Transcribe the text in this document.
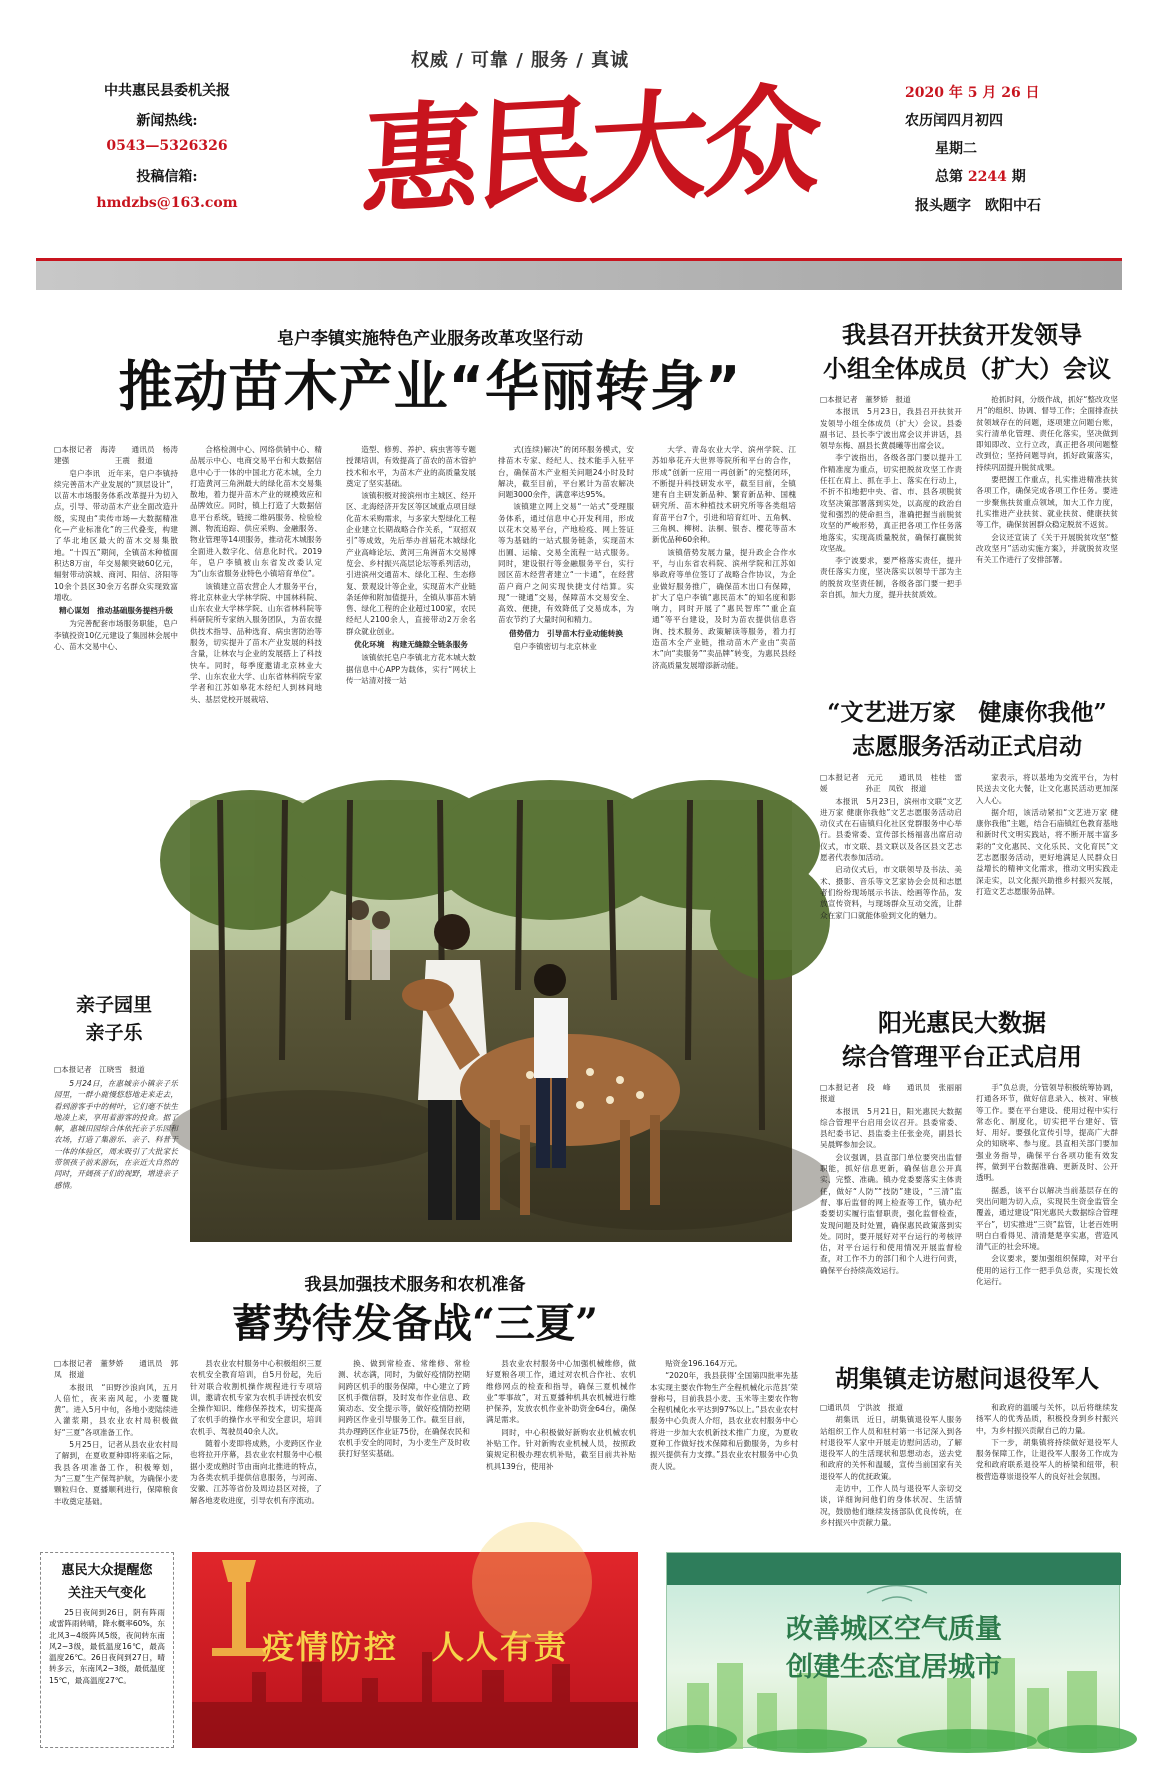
权威 / 可靠 / 服务 / 真诚
中共惠民县委机关报
新闻热线:
0543—5326326
投稿信箱:
hmdzbs@163.com 惠民大众	2020 年 5 月 26 日
农历闰四月初四
星期二
总第 2244 期
报头题字　欧阳中石
皂户李镇实施特色产业服务改革攻坚行动
推动苗木产业“华丽转身”

□本报记者　海涛　　通讯员　杨涛　建强　　　　　　王震　报道

皂户李讯　近年来，皂户李镇持续完善苗木产业发展的“顶层设计”，以苗木市场服务体系改革提升为切入点，引导、带动苗木产业全面改造升级，实现由“卖传市场—大数据精准化—产业标准化”的三代叠变，构建了华北地区最大的苗木交易集散地。“十四五”期间，全镇苗木种植面积达8万亩，年交易额突破60亿元，辐射带动滨城、商河、阳信、济阳等10余个县区30余万名群众实现致富增收。

精心谋划　推动基础服务提档升级

为完善配套市场服务职能，皂户李镇投资10亿元建设了集园林会展中心、苗木交易中心、

合格检测中心、网络供销中心、精品展示中心、电商交易平台和大数据信息中心于一体的中国北方花木城，全力打造黄河三角洲最大的绿化苗木交易集散地，着力提升苗木产业的规模效应和品牌效应。同时，镇上打造了大数据信息平台系统，链接二维码服务、检验检测、物流追踪、供应采购、金融服务、物业管理等14项服务，推动花木城服务全面进入数字化、信息化时代。2019年，皂户李镇被山东省发改委认定为“山东省服务业特色小镇培育单位”。

该镇建立苗农营企人才服务平台，将北京林业大学林学院、中国林科院、山东农业大学林学院、山东省林科院等科研院所专家纳入服务团队，为苗农提供技术指导、品种选育、病虫害防治等服务，切实提升了苗木产业发展的科技含量，让林农与企业的发展搭上了科技快车。同时，每季度邀请北京林业大学、山东农业大学、山东省林科院专家学者和江苏如皋花木经纪人到林间地头、基层党校开展栽培、

造型、修剪、养护、病虫害等专题授课培训，有效提高了苗农的苗木管护技术和水平，为苗木产业的高质量发展奠定了坚实基础。

该镇积极对接滨州市主城区、经开区、北海经济开发区等区域重点项目绿化苗木采购需求，与多家大型绿化工程企业建立长期战略合作关系，“双招双引”等成效，先后举办首届花木城绿化产业高峰论坛、黄河三角洲苗木交易博览会、乡村振兴高层论坛等系列活动，引进滨州交通苗木、绿化工程、生态修复、景观设计等企业，实现苗木产业链条延伸和附加值提升，全镇从事苗木销售、绿化工程的企业超过100家，农民经纪人2100余人，直接带动2万余名群众就业创业。

优化环境　构建无缝隙全链条服务

该镇依托皂户李镇北方花木城大数据信息中心APP为载体，实行“网状上传一站清对接一站

式(连续)解决”的闭环服务模式，安排苗木专家、经纪人、技术能手入驻平台，确保苗木产业相关问题24小时及时解决，截至目前，平台累计为苗农解决问题3000余件，满意率达95%。

该镇建立网上交易“一站式”受理服务体系，通过信息中心开发利用，形成以花木交易平台，产地检疫、网上签证等为基础的一站式服务链条，实现苗木出圃、运输、交易全流程一站式服务。同时，建设银行等金融服务平台，实行园区苗木经营者建立“一卡通”，在经营苗户商户之间实现快捷支付结算。实现“一键通”交易，保障苗木交易安全、高效、便捷，有效降低了交易成本，为苗农节约了大量时间和精力。

借势借力　引导苗木行业动能转换

皂户李镇密切与北京林业

大学、青岛农业大学、滨州学院、江苏如皋花卉大世界等院所和平台的合作，形成“创新一应用一再创新”的完整闭环，不断提升科技研发水平，截至目前，全镇建有自主研发新品种、繁育新品种、国槐研究所、苗木种植技术研究所等各类组培育苗平台7个，引进和培育红叶、五角枫、三角枫、柳树、法桐、银杏、樱花等苗木新优品种60余种。

该镇借势发展力量，提升政企合作水平，与山东省农科院、滨州学院和江苏如皋政府等单位签订了战略合作协议，为企业做好服务推广，确保苗木出口有保障，扩大了皂户李镇“惠民苗木”的知名度和影响力，同时开展了“惠民智库”“重企直通”等平台建设，及时为苗农提供信息咨询、技术服务、政策解读等服务，着力打造苗木全产业链，推动苗木产业由“卖苗木”向“卖服务”“卖品牌”转变，为惠民县经济高质量发展增添新动能。

亲子园里
亲子乐
□本报记者　江晓雪　报道
5月24日，在惠城亲小镇亲子乐园里，一群小鹿慢悠悠地走来走去，看到游客手中的树叶，它们毫不怯生地凑上来，享用着游客的投食。据了解，惠城田园综合体依托亲子乐园和农场，打造了集游乐、亲子、科普于一体的体验区，周末吸引了大批家长带领孩子前来游玩，在亲近大自然的同时，开阔孩子们的视野，增进亲子感情。
我县召开扶贫开发领导
小组全体成员（扩大）会议

□本报记者　董梦娇　报道

本报讯　5月23日，我县召开扶贫开发领导小组全体成员（扩大）会议。县委副书记、县长李宁波出席会议并讲话，县领导东梅、副县长黄晨曦等出席会议。

李宁波指出，各级各部门要以提升工作精准度为重点，切实把脱贫攻坚工作责任扛在肩上、抓在手上、落实在行动上，不折不扣地把中央、省、市、县各项脱贫攻坚决策部署落到实处，以高度的政治自觉和强烈的使命担当，准确把握当前脱贫攻坚的严峻形势，真正把各项工作任务落地落实，实现高质量脱贫，确保打赢脱贫攻坚战。

李宁波要求，要严格落实责任，提升责任落实力度，坚决落实以领导干部为主的脱贫攻坚责任制，各级各部门要一把手亲自抓，加大力度，提升扶贫质效。

抢抓时间，分级作战，抓好“整改攻坚月”的组织、协调、督导工作；全面排查扶贫领域存在的问题，逐项建立问题台账，实行清单化管理、责任化落实，坚决做到即知即改、立行立改，真正把各项问题整改到位；坚持问题导向，抓好政策落实，持续巩固提升脱贫成果。

要把握工作重点，扎实推进精准扶贫各项工作，确保完成各项工作任务。要进一步聚焦扶贫重点领域，加大工作力度，扎实推进产业扶贫、就业扶贫、健康扶贫等工作，确保贫困群众稳定脱贫不返贫。

会议还宣读了《关于开展脱贫攻坚“整改攻坚月”活动实施方案》，并就脱贫攻坚有关工作进行了安排部署。

“文艺进万家　健康你我他”
志愿服务活动正式启动

□本报记者　元元　　通讯员　桂桂　雷媛　　　　　孙正　凤钦　报道

本报讯　5月23日，滨州市文联“文艺进万家 健康你我他”文艺志愿服务活动启动仪式在石庙镇归化社区党群服务中心举行。县委常委、宣传部长杨福喜出席启动仪式，市文联、县文联以及各区县文艺志愿者代表参加活动。

启动仪式后，市文联领导及书法、美术、摄影、音乐等文艺家协会会员和志愿者们纷纷现场展示书法、绘画等作品，发放宣传资料，与现场群众互动交流，让群众在家门口就能体验到文化的魅力。

家表示，将以基地为交流平台，为村民送去文化大餐，让文化惠民活动更加深入人心。

据介绍，该活动紧扣“文艺进万家 健康你我他”主题，结合石庙镇红色教育基地和新时代文明实践站，将不断开展丰富多彩的“文化惠民、文化乐民、文化育民”文艺志愿服务活动，更好地满足人民群众日益增长的精神文化需求，推动文明实践走深走实，以文化振兴助推乡村振兴发展，打造文艺志愿服务品牌。

阳光惠民大数据
综合管理平台正式启用

□本报记者　段　峰　　通讯员　张丽丽　报道

本报讯　5月21日，阳光惠民大数据综合管理平台启用会议召开。县委常委、县纪委书记、县监委主任张金亮，副县长吴晨辉参加会议。

会议强调，县直部门单位要突出监督职能，抓好信息更新，确保信息公开真实、完整、准确。镇办党委要落实主体责任，做好“人防”“技防”建设，“三清”监督、事后监督的网上检查等工作，镇办纪委要切实履行监督职责，强化监督检查，发现问题及时处置，确保惠民政策落到实处。同时，要开展好对平台运行的考核评估，对平台运行和使用情况开展监督检查，对工作不力的部门和个人进行问责，确保平台持续高效运行。

手”负总责，分管领导积极统筹协调，打通各环节，做好信息录入、核对、审核等工作。要在平台建设、使用过程中实行常态化、制度化，切实把平台建好、管好、用好。要强化宣传引导，提高广大群众的知晓率、参与度。县直相关部门要加强业务指导，确保平台各项功能有效发挥，做到平台数据准确、更新及时、公开透明。

据悉，该平台以解决当前基层存在的突出问题为切入点，实现民生资金监管全覆盖，通过建设“阳光惠民大数据综合管理平台”，切实推进“三资”监管，让老百姓明明白白看得见、清清楚楚享实惠，营造风清气正的社会环境。

会议要求，要加强组织保障，对平台使用的运行工作一把手负总责，实现长效化运行。

我县加强技术服务和农机准备
蓄势待发备战“三夏”

□本报记者　董梦娇　　通讯员　郭　凤　报道

本报讯　“田野沙浪向风，五月人倍忙，夜来南风起，小麦覆陇黄”。进入5月中旬，各地小麦陆续进入灌浆期，县农业农村局积极做好“三夏”各项准备工作。

5月25日，记者从县农业农村局了解到，在夏收夏种即将来临之际，我县各项准备工作，积极筹划，为“三夏”生产保驾护航，为确保小麦颗粒归仓、夏播顺利进行，保障粮食丰收奠定基础。

县农业农村服务中心积极组织三夏农机安全教育培训，自5月份起，先后针对联合收割机操作规程进行专项培训，邀请农机专家为农机手讲授农机安全操作知识、维修保养技术，切实提高了农机手的操作水平和安全意识，培训农机手、驾驶员40余人次。

随着小麦即将成熟，小麦跨区作业也将拉开序幕，县农业农村服务中心根据小麦成熟时节由南向北推进的特点，为各类农机手提供信息服务，与河南、安徽、江苏等省份及周边县区对接，了解各地麦收进度，引导农机有序流动。

换、做到常检查、常维修、常检测、状态满，同时，为做好疫情防控期间跨区机手的服务保障，中心建立了跨区机手微信群，及时发布作业信息、政策动态、安全提示等，做好疫情防控期间跨区作业引导服务工作。截至目前，共办理跨区作业证75份，在确保农民和农机手安全的同时，为小麦生产及时收获打好坚实基础。

县农业农村服务中心加强机械维修，做好夏粮各项工作，通过对农机合作社、农机维修网点的检查和指导，确保三夏机械作业“零事故”，对五夏播种机具农机械进行维护保养，发放农机作业补助资金64台，确保满足需求。

同时，中心积极做好新购农业机械农机补贴工作。针对新购农业机械人员，按照政策规定积极办理农机补贴，截至目前共补贴机具139台，使用补

贴资金196.164万元。

“2020年，我县获得‘全国第四批率先基本实现主要农作物生产全程机械化示范县’荣誉称号，目前我县小麦、玉米等主要农作物全程机械化水平达到97%以上。”县农业农村服务中心负责人介绍，县农业农村服务中心将进一步加大农机新技术推广力度，为夏收夏种工作做好技术保障和后勤服务，为乡村振兴提供有力支撑。”县农业农村服务中心负责人说。

胡集镇走访慰问退役军人

□通讯员　宁洪波　报道

胡集讯　近日，胡集镇退役军人服务站组织工作人员和驻村第一书记深入到各村退役军人家中开展走访慰问活动，了解退役军人的生活现状和思想动态，送去党和政府的关怀和温暖，宣传当前国家有关退役军人的优抚政策。

走访中，工作人员与退役军人亲切交谈，详细询问他们的身体状况、生活情况，鼓励他们继续发扬部队优良传统，在乡村振兴中贡献力量。

和政府的温暖与关怀，以后将继续发扬军人的优秀品质，积极投身到乡村振兴中，为乡村振兴贡献自己的力量。

下一步，胡集镇将持续做好退役军人服务保障工作，让退役军人服务工作成为党和政府联系退役军人的桥梁和纽带，积极营造尊崇退役军人的良好社会氛围。

惠民大众提醒您
关注天气变化
25日夜间到26日，阴有阵雨或雷阵雨转晴，降水概率60%，东北风3~4级阵风5级，夜间转东南风2~3级，最低温度16℃，最高温度26℃。26日夜间到27日，晴转多云，东南风2~3级，最低温度15℃，最高温度27℃。
疫情防控　人人有责	改善城区空气质量
创建生态宜居城市
